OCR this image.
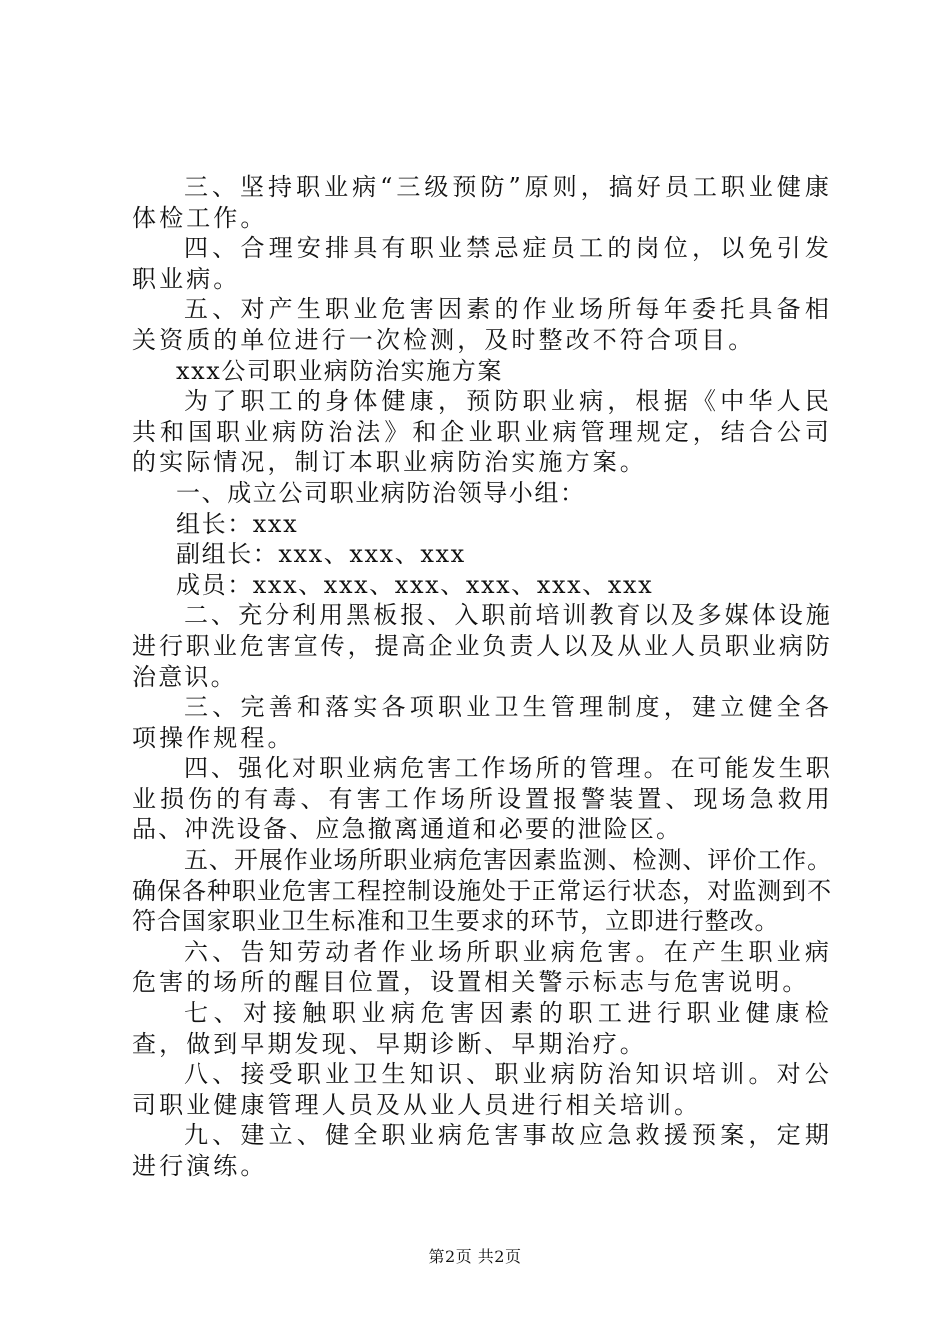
三、坚持职业病“三级预防”原则，搞好员工职业健康体检工作。

四、合理安排具有职业禁忌症员工的岗位，以免引发职业病。

五、对产生职业危害因素的作业场所每年委托具备相关资质的单位进行一次检测，及时整改不符合项目。

xxx公司职业病防治实施方案

为了职工的身体健康，预防职业病，根据《中华人民共和国职业病防治法》和企业职业病管理规定，结合公司的实际情况，制订本职业病防治实施方案。

一、成立公司职业病防治领导小组：

组长：xxx

副组长：xxx、xxx、xxx

成员：xxx、xxx、xxx、xxx、xxx、xxx

二、充分利用黑板报、入职前培训教育以及多媒体设施进行职业危害宣传，提高企业负责人以及从业人员职业病防治意识。

三、完善和落实各项职业卫生管理制度，建立健全各项操作规程。

四、强化对职业病危害工作场所的管理。在可能发生职业损伤的有毒、有害工作场所设置报警装置、现场急救用品、冲洗设备、应急撤离通道和必要的泄险区。

五、开展作业场所职业病危害因素监测、检测、评价工作。确保各种职业危害工程控制设施处于正常运行状态，对监测到不符合国家职业卫生标准和卫生要求的环节，立即进行整改。

六、告知劳动者作业场所职业病危害。在产生职业病危害的场所的醒目位置，设置相关警示标志与危害说明。

七、对接触职业病危害因素的职工进行职业健康检查，做到早期发现、早期诊断、早期治疗。

八、接受职业卫生知识、职业病防治知识培训。对公司职业健康管理人员及从业人员进行相关培训。

九、建立、健全职业病危害事故应急救援预案，定期进行演练。

第2页 共2页
